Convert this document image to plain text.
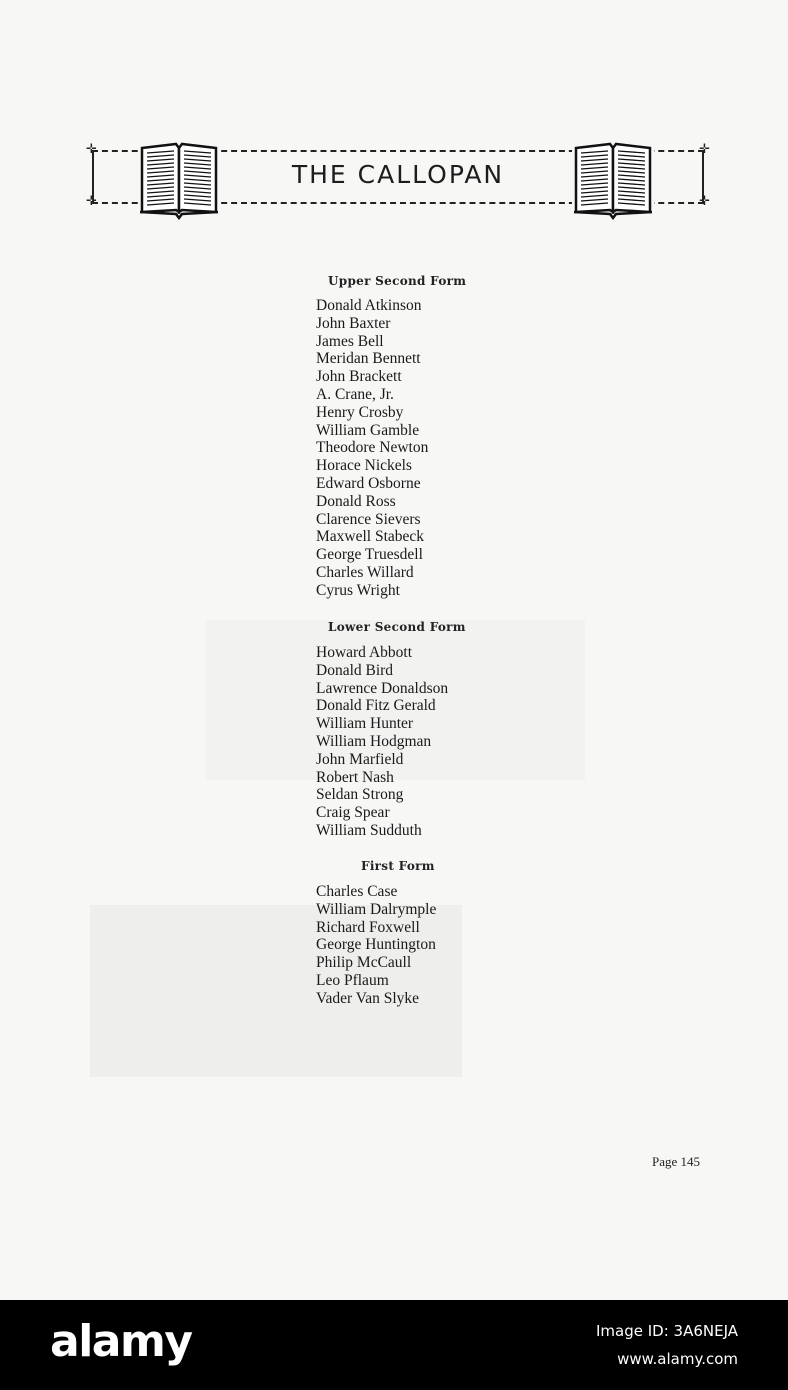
✛	✛
✛	✛
THE CALLOPAN
Upper Second Form
Donald Atkinson
John Baxter
James Bell
Meridan Bennett
John Brackett
A. Crane, Jr.
Henry Crosby
William Gamble
Theodore Newton
Horace Nickels
Edward Osborne
Donald Ross
Clarence Sievers
Maxwell Stabeck
George Truesdell
Charles Willard
Cyrus Wright
Lower Second Form
Howard Abbott
Donald Bird
Lawrence Donaldson
Donald Fitz Gerald
William Hunter
William Hodgman
John Marfield
Robert Nash
Seldan Strong
Craig Spear
William Sudduth
First Form
Charles Case
William Dalrymple
Richard Foxwell
George Huntington
Philip McCaull
Leo Pflaum
Vader Van Slyke
Page 145
alamy	Image ID: 3A6NEJA
www.alamy.com
